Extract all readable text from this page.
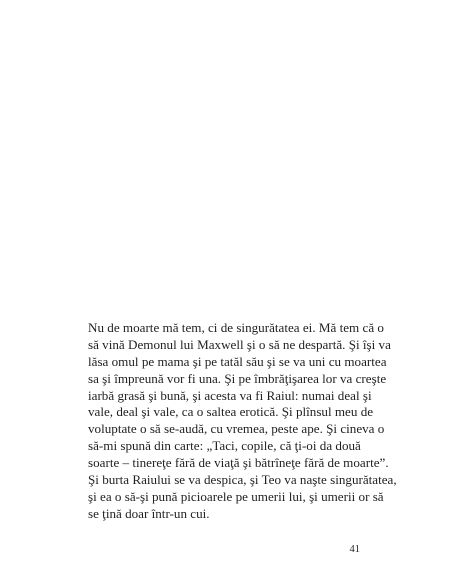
Nu de moarte mă tem, ci de singurătatea ei. Mă tem că o
să vină Demonul lui Maxwell şi o să ne despartă. Şi îşi va
lăsa omul pe mama şi pe tatăl său şi se va uni cu moartea
sa şi împreună vor fi una. Şi pe îmbrăţişarea lor va creşte
iarbă grasă şi bună, şi acesta va fi Raiul: numai deal şi
vale, deal şi vale, ca o saltea erotică. Şi plînsul meu de
voluptate o să se-audă, cu vremea, peste ape. Şi cineva o
să-mi spună din carte: „Taci, copile, că ţi-oi da două
soarte – tinereţe fără de viaţă şi bătrîneţe fără de moarte”.
Şi burta Raiului se va despica, şi Teo va naşte singurătatea,
şi ea o să-şi pună picioarele pe umerii lui, şi umerii or să
se ţină doar într-un cui.
41
